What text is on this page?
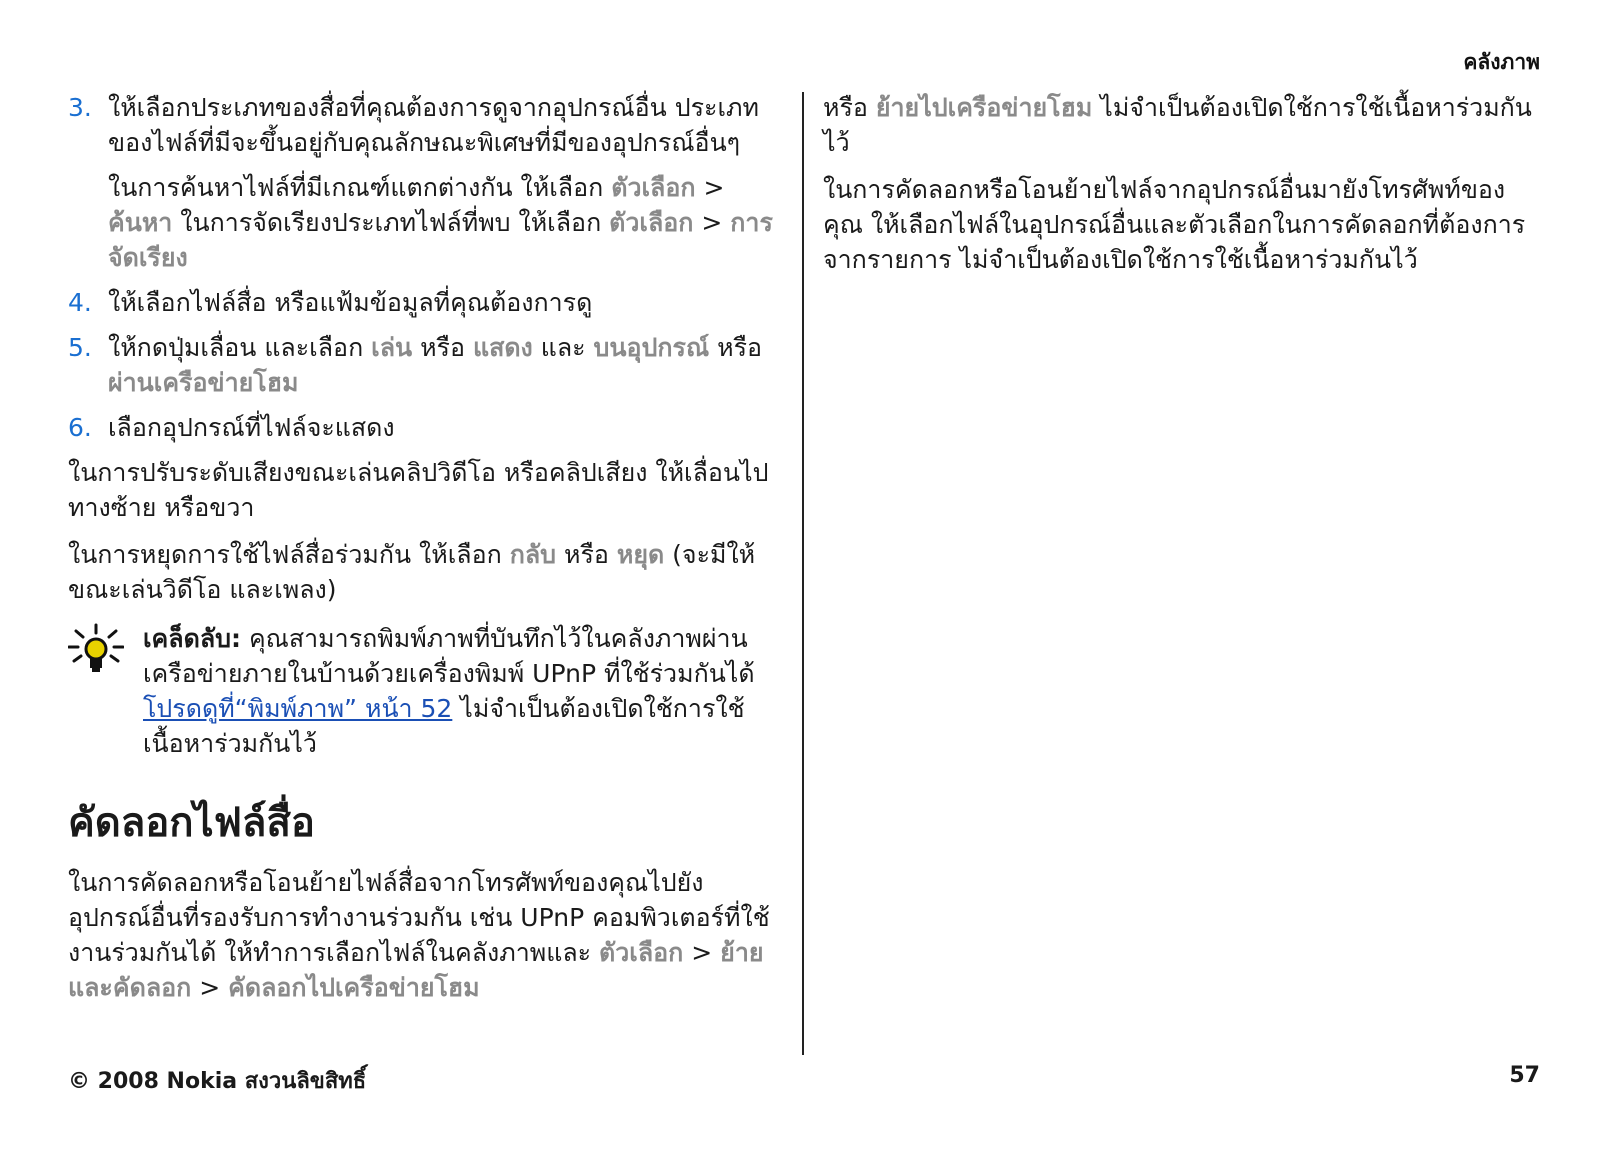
คลังภาพ
3. ให้เลือกประเภทของสื่อที่คุณต้องการดูจากอุปกรณ์อื่น ประเภทของไฟล์ที่มีจะขึ้นอยู่กับคุณลักษณะพิเศษที่มีของอุปกรณ์อื่นๆ
ในการค้นหาไฟล์ที่มีเกณฑ์แตกต่างกัน ให้เลือก ตัวเลือก > ค้นหา ในการจัดเรียงประเภทไฟล์ที่พบ ให้เลือก ตัวเลือก > การจัดเรียง
4. ให้เลือกไฟล์สื่อ หรือแฟ้มข้อมูลที่คุณต้องการดู
5. ให้กดปุ่มเลื่อน และเลือก เล่น หรือ แสดง และ บนอุปกรณ์ หรือ ผ่านเครือข่ายโฮม
6. เลือกอุปกรณ์ที่ไฟล์จะแสดง

ในการปรับระดับเสียงขณะเล่นคลิปวิดีโอ หรือคลิปเสียง ให้เลื่อนไปทางซ้าย หรือขวา

ในการหยุดการใช้ไฟล์สื่อร่วมกัน ให้เลือก กลับ หรือ หยุด (จะมีให้ขณะเล่นวิดีโอ และเพลง)

เคล็ดลับ: คุณสามารถพิมพ์ภาพที่บันทึกไว้ในคลังภาพผ่านเครือข่ายภายในบ้านด้วยเครื่องพิมพ์ UPnP ที่ใช้ร่วมกันได้ โปรดดูที่“พิมพ์ภาพ” หน้า 52 ไม่จำเป็นต้องเปิดใช้การใช้เนื้อหาร่วมกันไว้
คัดลอกไฟล์สื่อ

ในการคัดลอกหรือโอนย้ายไฟล์สื่อจากโทรศัพท์ของคุณไปยังอุปกรณ์อื่นที่รองรับการทำงานร่วมกัน เช่น UPnP คอมพิวเตอร์ที่ใช้งานร่วมกันได้ ให้ทำการเลือกไฟล์ในคลังภาพและ ตัวเลือก > ย้ายและคัดลอก > คัดลอกไปเครือข่ายโฮม

หรือ ย้ายไปเครือข่ายโฮม ไม่จำเป็นต้องเปิดใช้การใช้เนื้อหาร่วมกันไว้

ในการคัดลอกหรือโอนย้ายไฟล์จากอุปกรณ์อื่นมายังโทรศัพท์ของคุณ ให้เลือกไฟล์ในอุปกรณ์อื่นและตัวเลือกในการคัดลอกที่ต้องการจากรายการ ไม่จำเป็นต้องเปิดใช้การใช้เนื้อหาร่วมกันไว้

© 2008 Nokia สงวนลิขสิทธิ์	57
